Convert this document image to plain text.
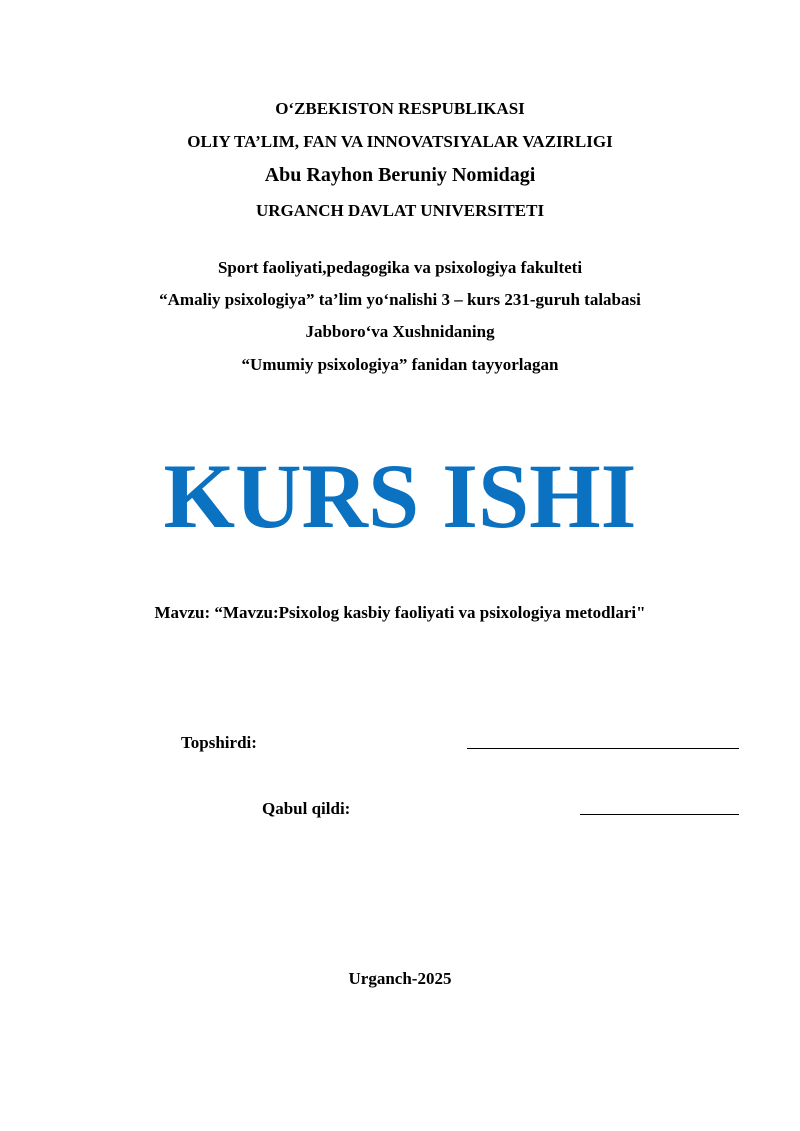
O‘ZBEKISTON RESPUBLIKASI
OLIY TA’LIM, FAN VA INNOVATSIYALAR VAZIRLIGI
Abu Rayhon Beruniy Nomidagi
URGANCH DAVLAT UNIVERSITETI
Sport faoliyati,pedagogika va psixologiya fakulteti
“Amaliy psixologiya” ta’lim yo‘nalishi 3 – kurs 231-guruh talabasi
Jabboro‘va Xushnidaning
“Umumiy psixologiya” fanidan tayyorlagan
KURS ISHI
Mavzu: “Mavzu:Psixolog kasbiy faoliyati va psixologiya metodlari"
Topshirdi:
Qabul qildi:
Urganch-2025
